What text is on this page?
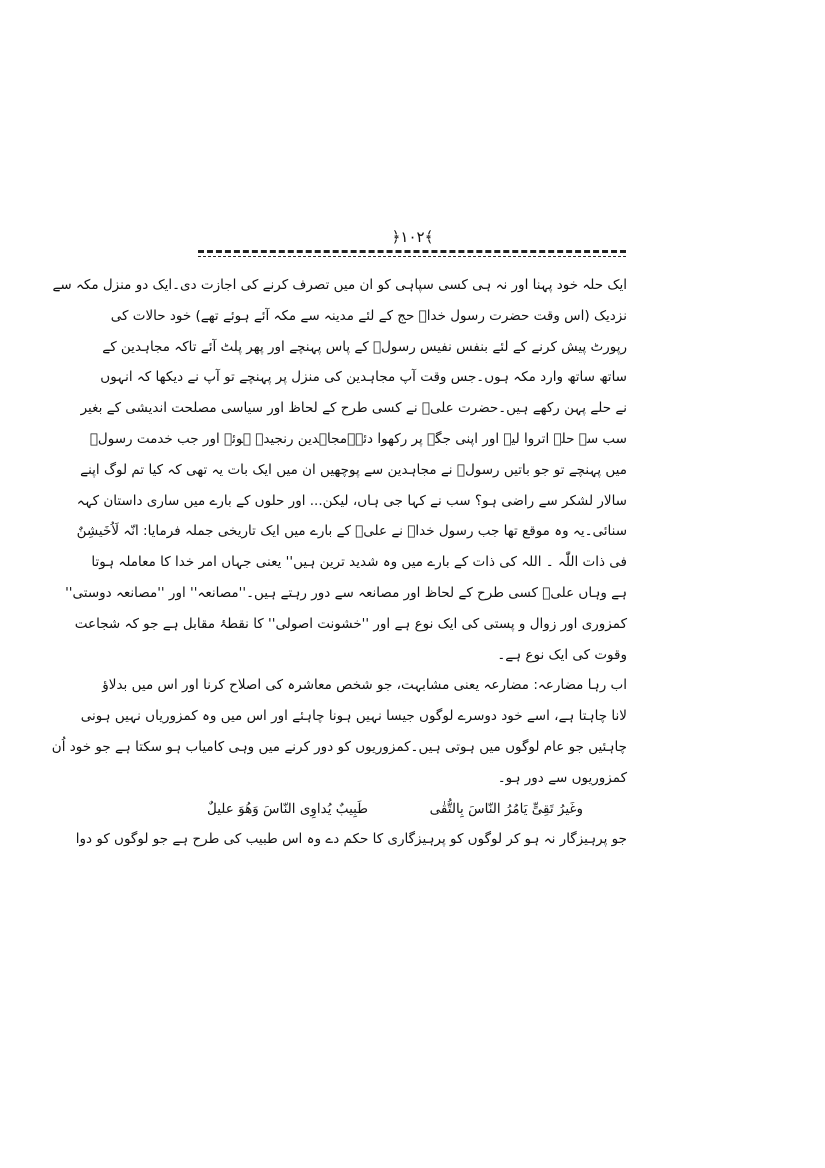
﴿۱۰۲﴾
ایک حلہ خود پہنا اور نہ ہی کسی سپاہی کو ان میں تصرف کرنے کی اجازت دی۔ایک دو منزل مکہ سے
نزدیک (اس وقت حضرت رسول خداؐ حج کے لئے مدینہ سے مکہ آئے ہوئے تھے) خود حالات کی
رپورٹ پیش کرنے کے لئے بنفس نفیس رسولؐ کے پاس پہنچے اور پھر پلٹ آئے تاکہ مجاہدین کے
ساتھ ساتھ وارد مکہ ہوں۔جس وقت آپ مجاہدین کی منزل پر پہنچے تو آپ نے دیکھا کہ انہوں
نے حلے پہن رکھے ہیں۔حضرت علیؑ نے کسی طرح کے لحاظ اور سیاسی مصلحت اندیشی کے بغیر
سب سے حلے اتروا لیے اور اپنی جگہ پر رکھوا دئے۔مجاہدین رنجیدہ ہوئے اور جب خدمت رسولؐ
میں پہنچے تو جو باتیں رسولؐ نے مجاہدین سے پوچھیں ان میں ایک بات یہ تھی کہ کیا تم لوگ اپنے
سالار لشکر سے راضی ہو؟ سب نے کہا جی ہاں، لیکن... اور حلوں کے بارے میں ساری داستان کہہ
سنائی۔یہ وہ موقع تھا جب رسول خداؐ نے علیؑ کے بارے میں ایک تاریخی جملہ فرمایا: انّہ لَاُخَیشِنٌ
فی ذات اللّٰہ ۔ اللہ کی ذات کے بارے میں وہ شدید ترین ہیں'' یعنی جہاں امر خدا کا معاملہ ہوتا
ہے وہاں علیؑ کسی طرح کے لحاظ اور مصانعہ سے دور رہتے ہیں۔''مصانعہ'' اور ''مصانعہ دوستی''
کمزوری اور زوال و پستی کی ایک نوع ہے اور ''خشونت اصولی'' کا نقطۂ مقابل ہے جو کہ شجاعت
وقوت کی ایک نوع ہے۔
اب رہا مضارعہ: مضارعہ یعنی مشابہت، جو شخص معاشرہ کی اصلاح کرنا اور اس میں بدلاؤ
لانا چاہتا ہے، اسے خود دوسرے لوگوں جیسا نہیں ہونا چاہئے اور اس میں وہ کمزوریاں نہیں ہونی
چاہئیں جو عام لوگوں میں ہوتی ہیں۔کمزوریوں کو دور کرنے میں وہی کامیاب ہو سکتا ہے جو خود اُن
کمزوریوں سے دور ہو۔
وغَیرُ تَقِیٍّ یَامُرُ النّاسَ بِالتُّقٰی
طَبِیبٌ یُداوِی النّاسَ وَھُوَ علیلٌ
جو پرہیزگار نہ ہو کر لوگوں کو پرہیزگاری کا حکم دے وہ اس طبیب کی طرح ہے جو لوگوں کو دوا
